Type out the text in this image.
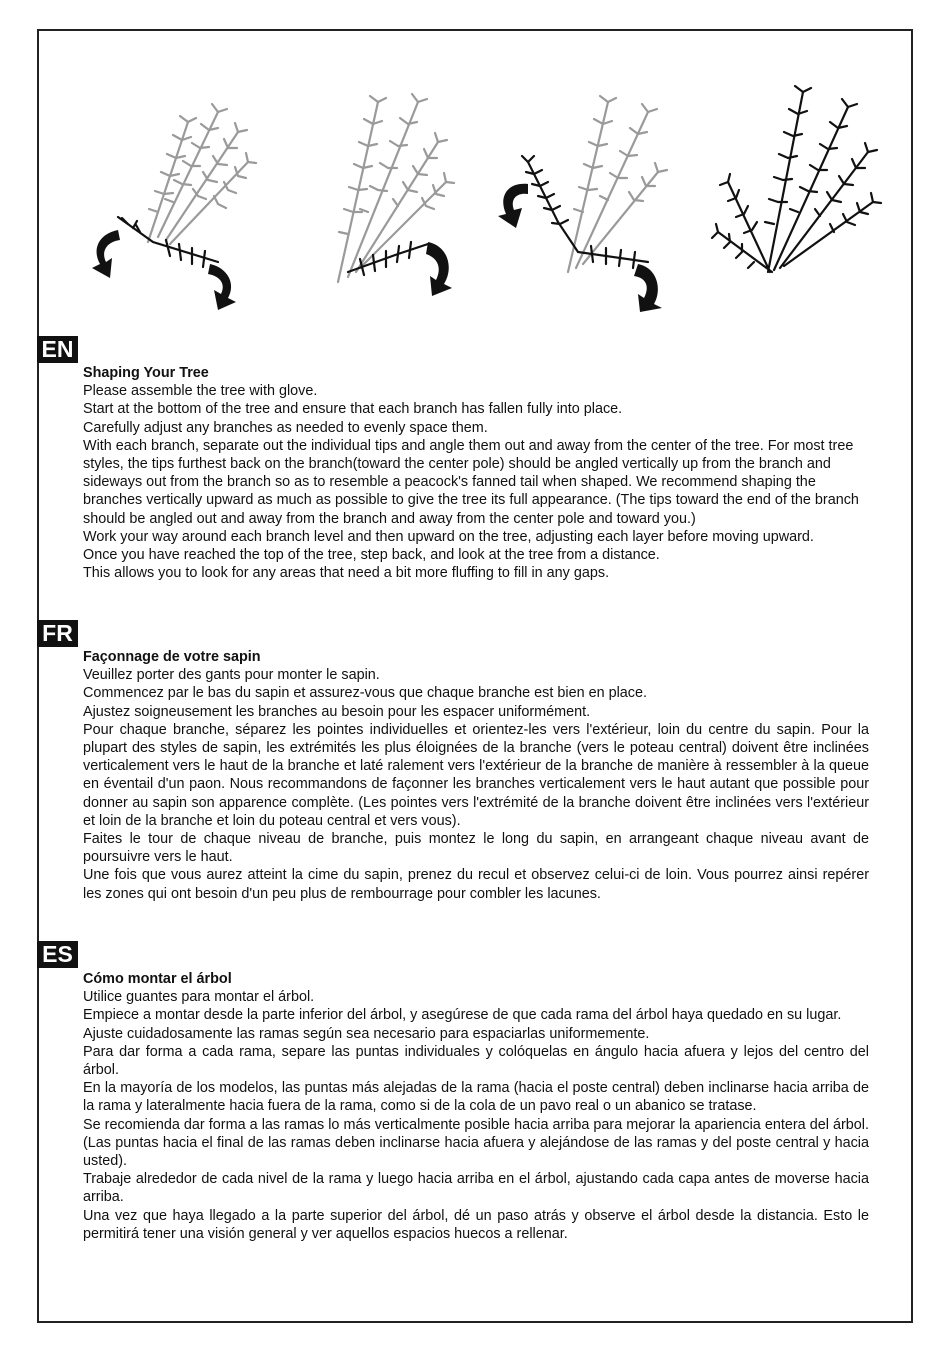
EN
Shaping Your Tree

Please assemble the tree with glove.

Start at the bottom of the tree and ensure that each branch has fallen fully into place.

Carefully adjust any branches as needed to evenly space them.

With each branch, separate out the individual tips and angle them out and away from the center of the tree. For most tree styles, the tips furthest back on the branch(toward the center pole) should be angled vertically up from the branch and sideways out from the branch so as to resemble a peacock's fanned tail when shaped. We recommend shaping the branches vertically upward as much as possible to give the tree its full appearance. (The tips toward the end of the branch should be angled out and away from the branch and away from the center pole and toward you.)

Work your way around each branch level and then upward on the tree, adjusting each layer before moving upward.

Once you have reached the top of the tree, step back, and look at the tree from a distance.

This allows you to look for any areas that need a bit more fluffing to fill in any gaps.

FR
Façonnage de votre sapin

Veuillez porter des gants pour monter le sapin.

Commencez par le bas du sapin et assurez-vous que chaque branche est bien en place.

Ajustez soigneusement les branches au besoin pour les espacer uniformément.

Pour chaque branche, séparez les pointes individuelles et orientez-les vers l'extérieur, loin du centre du sapin. Pour la plupart des styles de sapin, les extrémités les plus éloignées de la branche (vers le poteau central) doivent être inclinées verticalement vers le haut de la branche et laté ralement vers l'extérieur de la branche de manière à ressembler à la queue en éventail d'un paon. Nous recommandons de façonner les branches verticalement vers le haut autant que possible pour donner au sapin son apparence complète. (Les pointes vers l'extrémité de la branche doivent être inclinées vers l'extérieur et loin de la branche et loin du poteau central et vers vous).

Faites le tour de chaque niveau de branche, puis montez le long du sapin, en arrangeant chaque niveau avant de poursuivre vers le haut.

Une fois que vous aurez atteint la cime du sapin, prenez du recul et observez celui-ci de loin. Vous pourrez ainsi repérer les zones qui ont besoin d'un peu plus de rembourrage pour combler les lacunes.

ES
Cómo montar el árbol

Utilice guantes para montar el árbol.

Empiece a montar desde la parte inferior del árbol, y asegúrese de que cada rama del árbol haya quedado en su lugar.

Ajuste cuidadosamente las ramas según sea necesario para espaciarlas uniformemente.

Para dar forma a cada rama, separe las puntas individuales y colóquelas en ángulo hacia afuera y lejos del centro del árbol.

En la mayoría de los modelos, las puntas más alejadas de la rama (hacia el poste central) deben inclinarse hacia arriba de la rama y lateralmente hacia fuera de la rama, como si de la cola de un pavo real o un abanico se tratase.

Se recomienda dar forma a las ramas lo más verticalmente posible hacia arriba para mejorar la apariencia entera del árbol. (Las puntas hacia el final de las ramas deben inclinarse hacia afuera y alejándose de las ramas y del poste central y hacia usted).

Trabaje alrededor de cada nivel de la rama y luego hacia arriba en el árbol, ajustando cada capa antes de moverse hacia arriba.

Una vez que haya llegado a la parte superior del árbol, dé un paso atrás y observe el árbol desde la distancia. Esto le permitirá tener una visión general y ver aquellos espacios huecos a rellenar.
